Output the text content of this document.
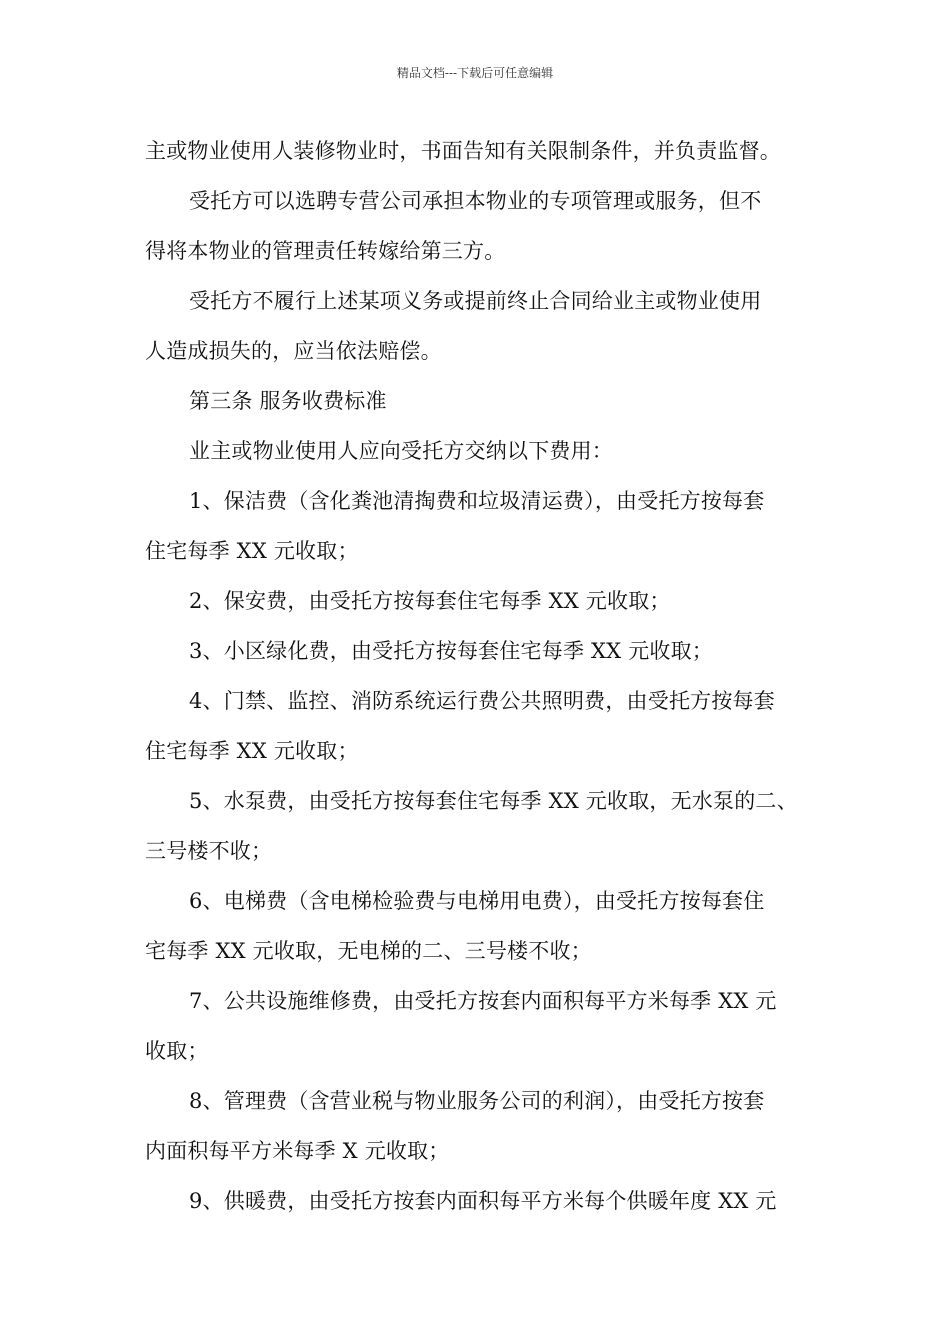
精品文档---下载后可任意编辑
主或物业使用人装修物业时，书面告知有关限制条件，并负责监督。
受托方可以选聘专营公司承担本物业的专项管理或服务，但不
得将本物业的管理责任转嫁给第三方。
受托方不履行上述某项义务或提前终止合同给业主或物业使用
人造成损失的，应当依法赔偿。
第三条 服务收费标准
业主或物业使用人应向受托方交纳以下费用：
1、保洁费（含化粪池清掏费和垃圾清运费），由受托方按每套
住宅每季 XX 元收取；
2、保安费，由受托方按每套住宅每季 XX 元收取；
3、小区绿化费，由受托方按每套住宅每季 XX 元收取；
4、门禁、监控、消防系统运行费公共照明费，由受托方按每套
住宅每季 XX 元收取；
5、水泵费，由受托方按每套住宅每季 XX 元收取，无水泵的二、
三号楼不收；
6、电梯费（含电梯检验费与电梯用电费），由受托方按每套住
宅每季 XX 元收取，无电梯的二、三号楼不收；
7、公共设施维修费，由受托方按套内面积每平方米每季 XX 元
收取；
8、管理费（含营业税与物业服务公司的利润），由受托方按套
内面积每平方米每季 X 元收取；
9、供暖费，由受托方按套内面积每平方米每个供暖年度 XX 元
